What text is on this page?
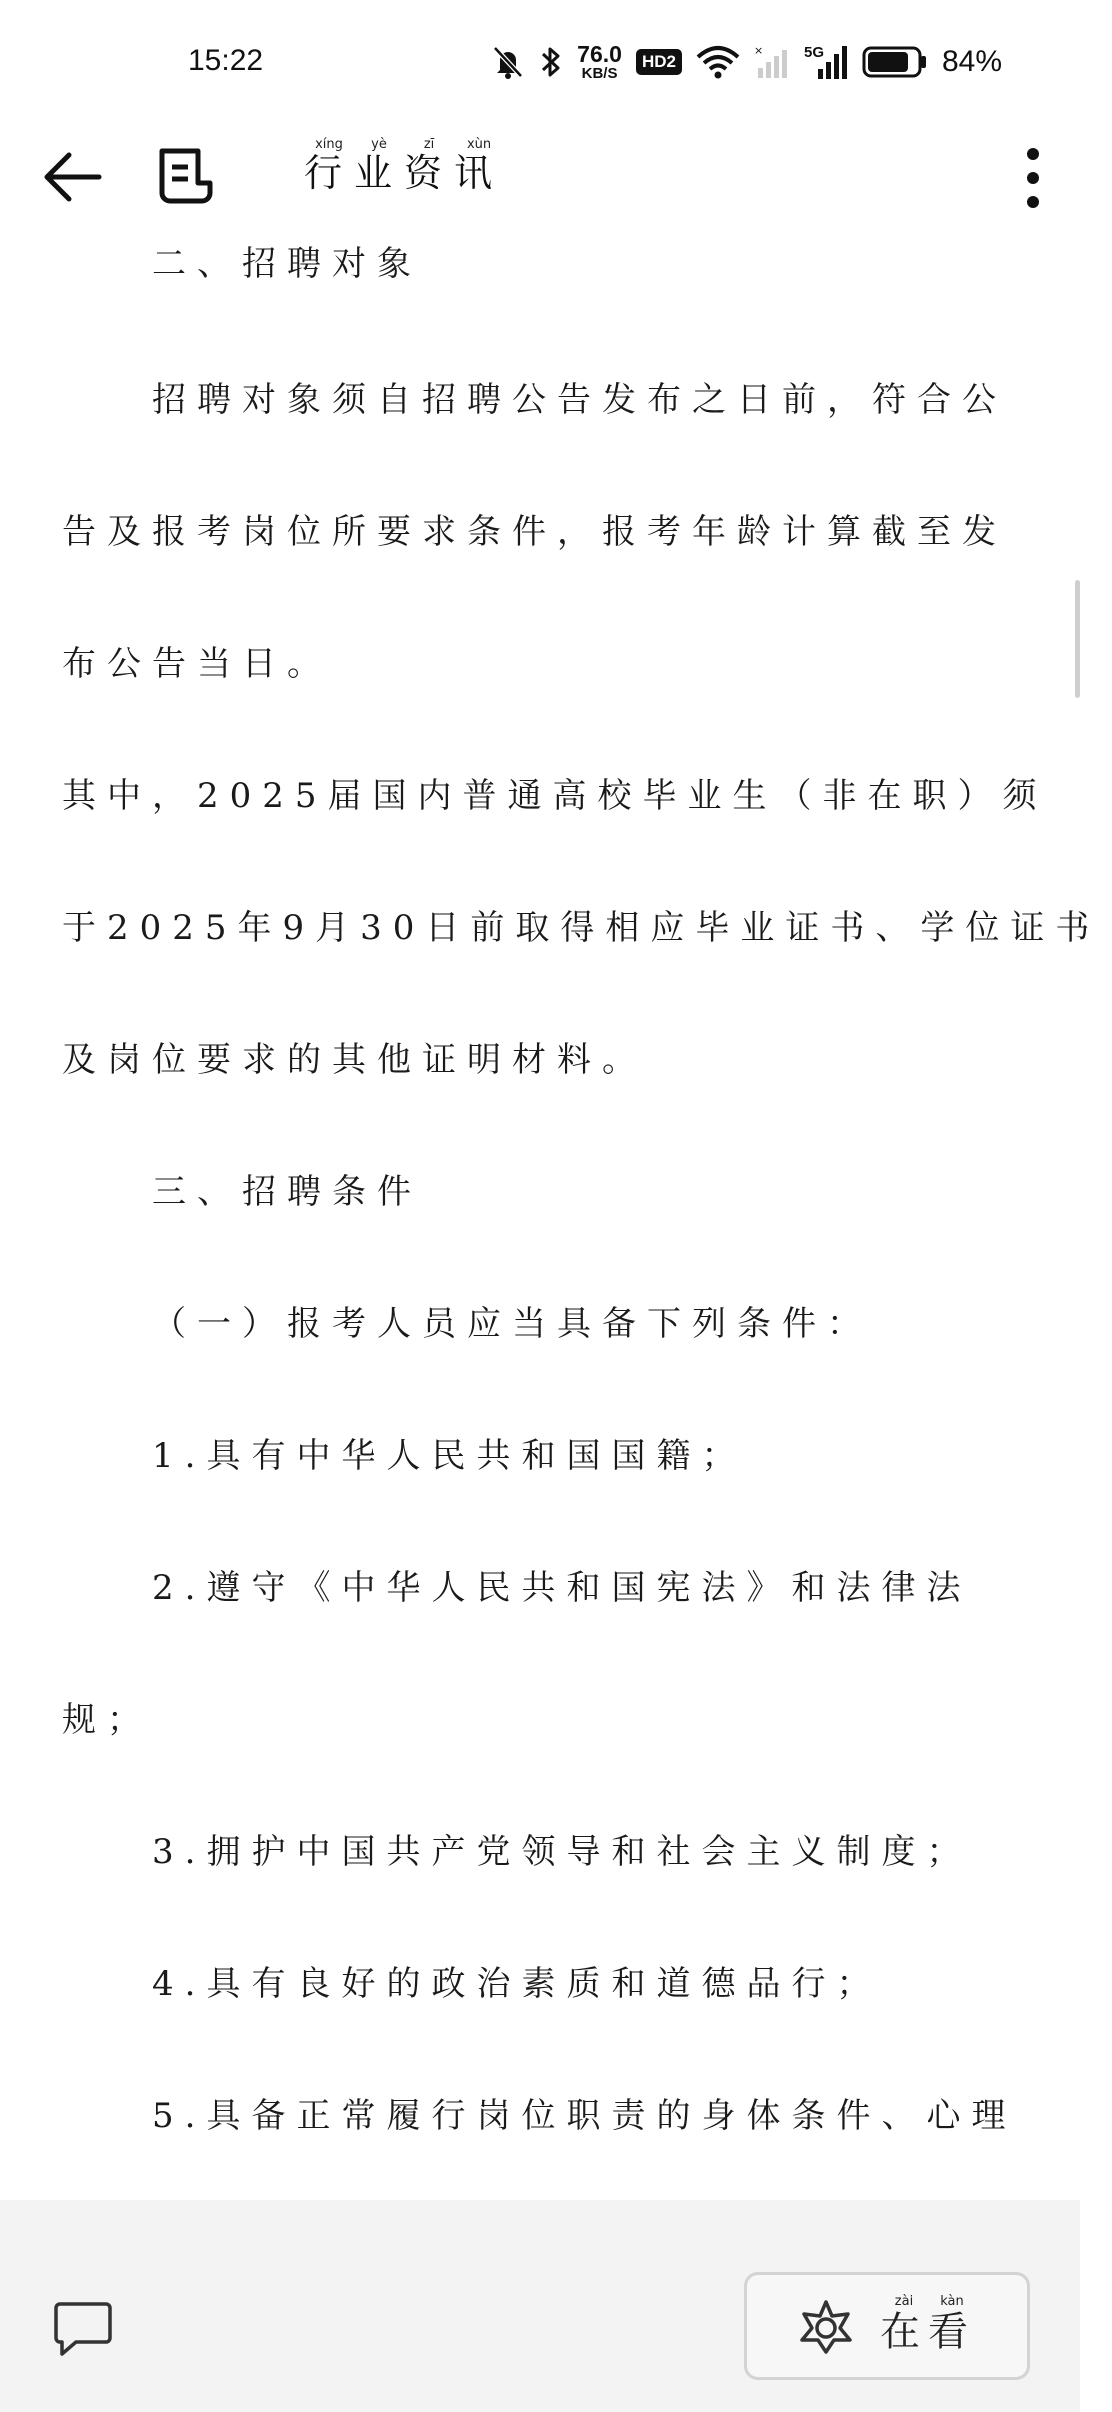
15:22	76.0
KB/S
HD2
×	5G	84%
行xíng业yè资zī讯xùn

二、招聘对象

招聘对象须自招聘公告发布之日前，符合公

告及报考岗位所要求条件，报考年龄计算截至发

布公告当日。

其中，2025届国内普通高校毕业生（非在职）须

于2025年9月30日前取得相应毕业证书、学位证书

及岗位要求的其他证明材料。

三、招聘条件

（一）报考人员应当具备下列条件：

1.具有中华人民共和国国籍；

2.遵守《中华人民共和国宪法》和法律法

规；

3.拥护中国共产党领导和社会主义制度；

4.具有良好的政治素质和道德品行；

5.具备正常履行岗位职责的身体条件、心理

在zài看kàn
